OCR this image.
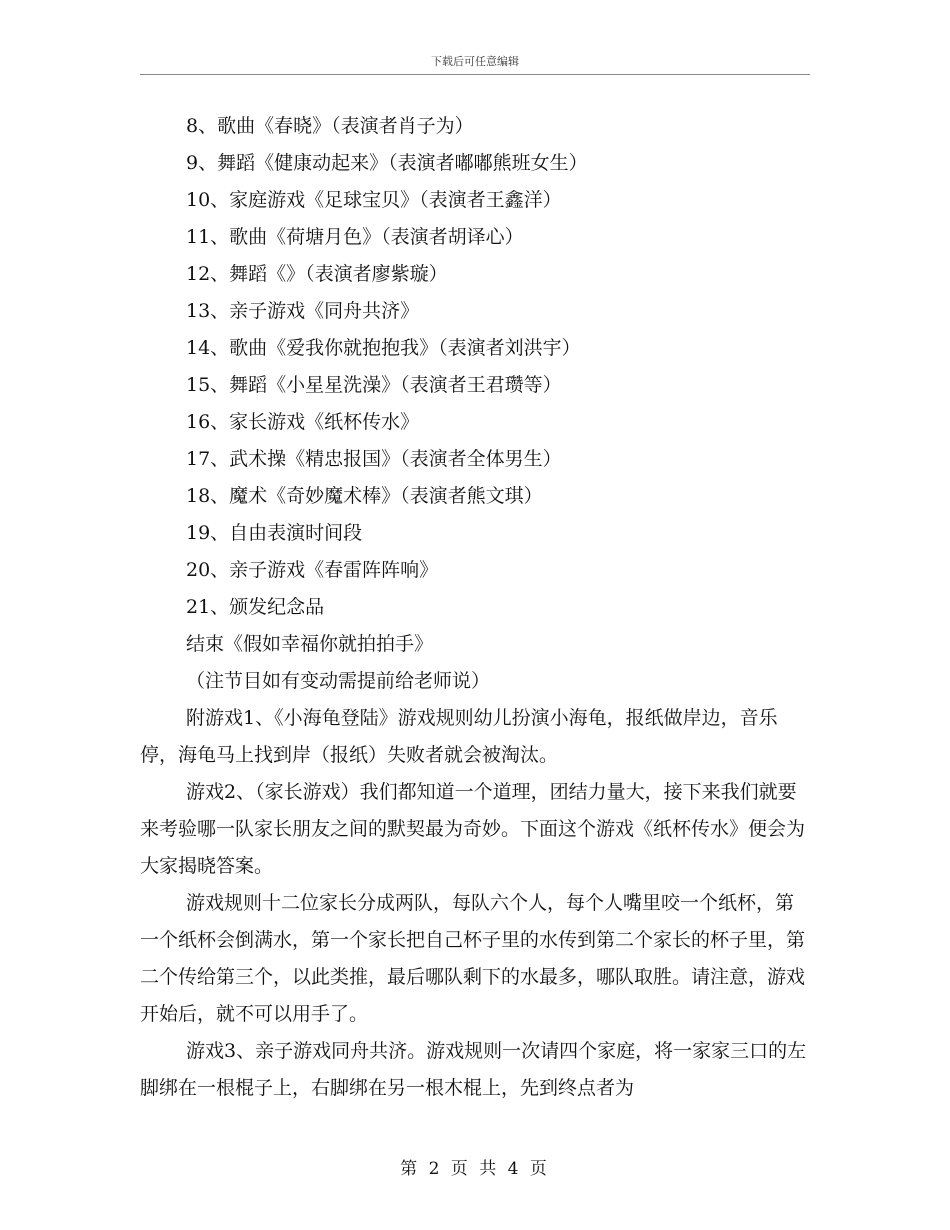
下载后可任意编辑
8、歌曲《春晓》（表演者肖子为）
9、舞蹈《健康动起来》（表演者嘟嘟熊班女生）
10、家庭游戏《足球宝贝》（表演者王鑫洋）
11、歌曲《荷塘月色》（表演者胡译心）
12、舞蹈《》（表演者廖紫璇）
13、亲子游戏《同舟共济》
14、歌曲《爱我你就抱抱我》（表演者刘洪宇）
15、舞蹈《小星星洗澡》（表演者王君瓒等）
16、家长游戏《纸杯传水》
17、武术操《精忠报国》（表演者全体男生）
18、魔术《奇妙魔术棒》（表演者熊文琪）
19、自由表演时间段
20、亲子游戏《春雷阵阵响》
21、颁发纪念品
结束《假如幸福你就拍拍手》
（注节目如有变动需提前给老师说）
附游戏1、《小海龟登陆》游戏规则幼儿扮演小海龟，报纸做岸边，音乐停，海龟马上找到岸（报纸）失败者就会被淘汰。
游戏2、（家长游戏）我们都知道一个道理，团结力量大，接下来我们就要来考验哪一队家长朋友之间的默契最为奇妙。下面这个游戏《纸杯传水》便会为大家揭晓答案。
游戏规则十二位家长分成两队，每队六个人，每个人嘴里咬一个纸杯，第一个纸杯会倒满水，第一个家长把自己杯子里的水传到第二个家长的杯子里，第二个传给第三个，以此类推，最后哪队剩下的水最多，哪队取胜。请注意，游戏开始后，就不可以用手了。
游戏3、亲子游戏同舟共济。游戏规则一次请四个家庭，将一家家三口的左脚绑在一根棍子上，右脚绑在另一根木棍上，先到终点者为
第 2 页 共 4 页
